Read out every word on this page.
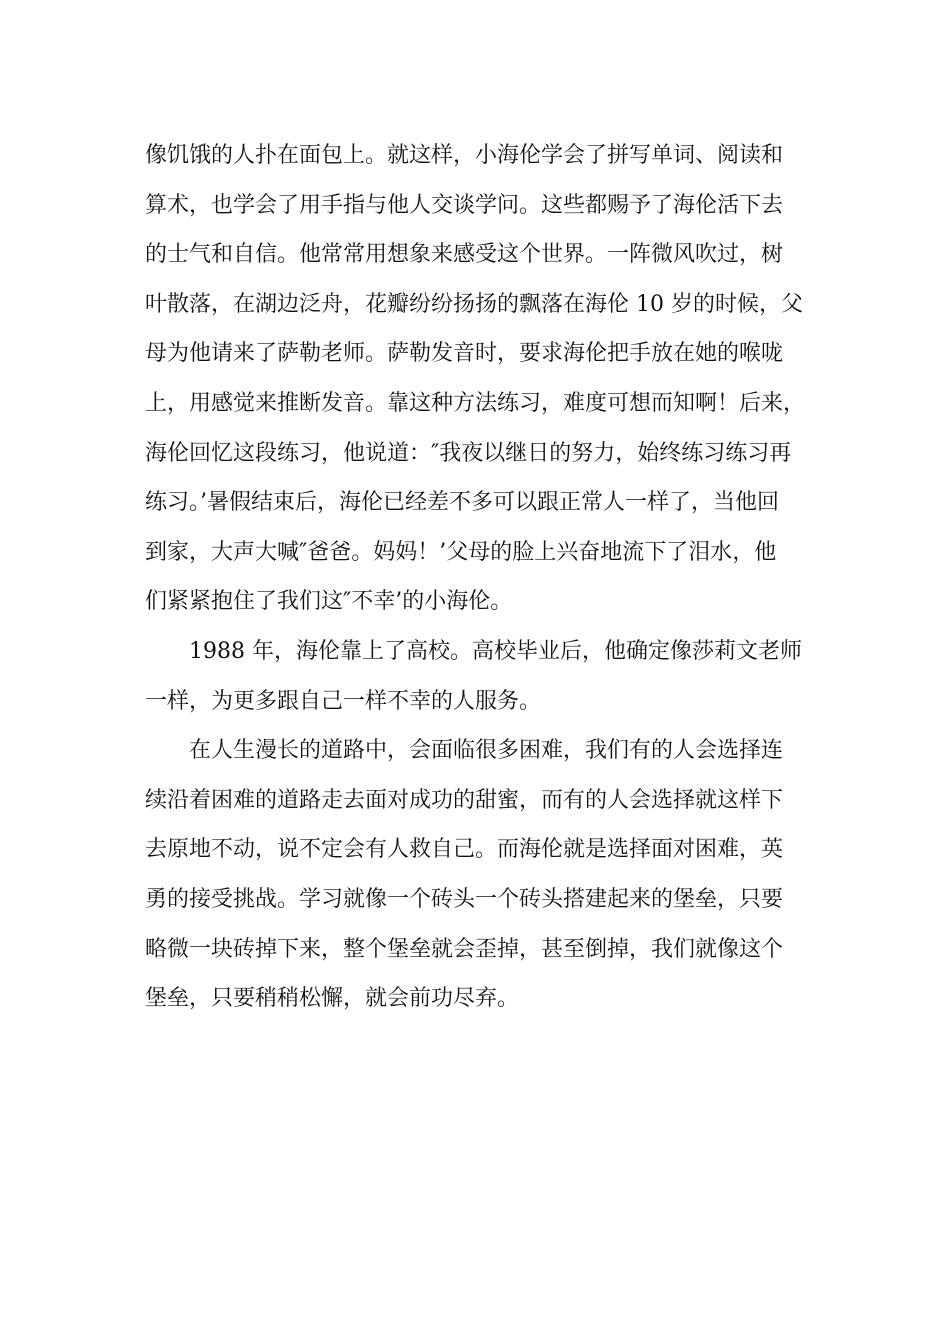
像饥饿的人扑在面包上。就这样，小海伦学会了拼写单词、阅读和
算术，也学会了用手指与他人交谈学问。这些都赐予了海伦活下去
的士气和自信。他常常用想象来感受这个世界。一阵微风吹过，树
叶散落，在湖边泛舟，花瓣纷纷扬扬的飘落在海伦 10 岁的时候，父
母为他请来了萨勒老师。萨勒发音时，要求海伦把手放在她的喉咙
上，用感觉来推断发音。靠这种方法练习，难度可想而知啊！后来，
海伦回忆这段练习，他说道：″我夜以继日的努力，始终练习练习再
练习。’暑假结束后，海伦已经差不多可以跟正常人一样了，当他回
到家，大声大喊″爸爸。妈妈！’父母的脸上兴奋地流下了泪水，他
们紧紧抱住了我们这″不幸’的小海伦。
1988 年，海伦靠上了高校。高校毕业后，他确定像莎莉文老师
一样，为更多跟自己一样不幸的人服务。
在人生漫长的道路中，会面临很多困难，我们有的人会选择连
续沿着困难的道路走去面对成功的甜蜜，而有的人会选择就这样下
去原地不动，说不定会有人救自己。而海伦就是选择面对困难，英
勇的接受挑战。学习就像一个砖头一个砖头搭建起来的堡垒，只要
略微一块砖掉下来，整个堡垒就会歪掉，甚至倒掉，我们就像这个
堡垒，只要稍稍松懈，就会前功尽弃。
